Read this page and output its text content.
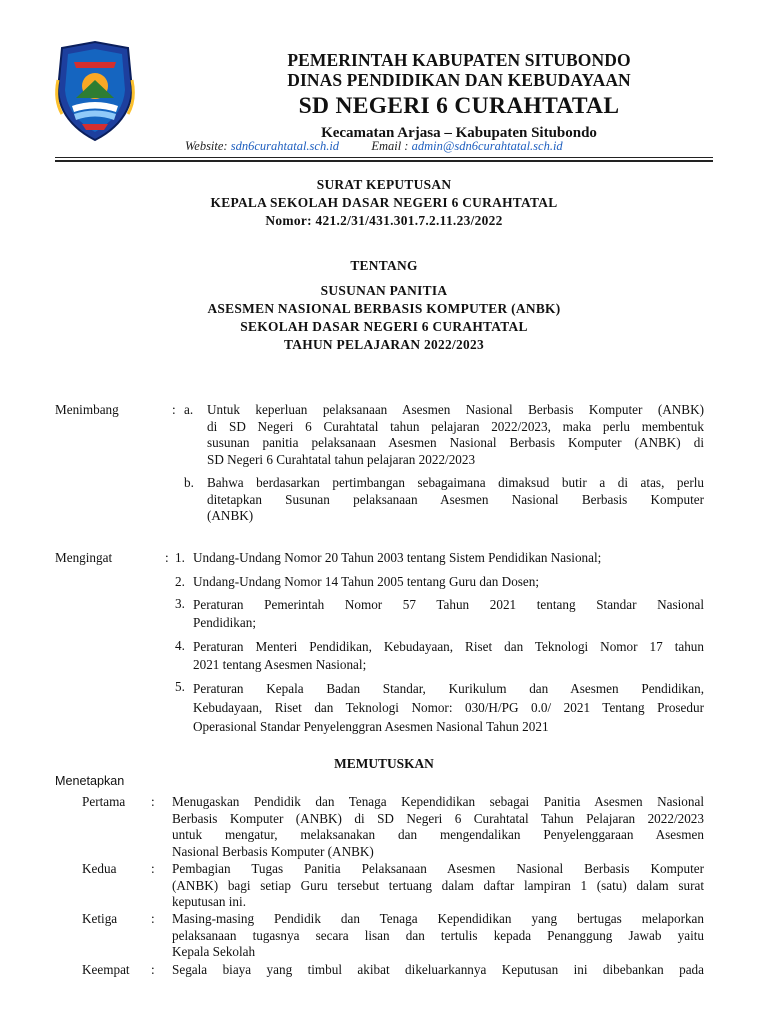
PEMERINTAH KABUPATEN SITUBONDO
DINAS PENDIDIKAN DAN KEBUDAYAAN
SD NEGERI 6 CURAHTATAL
Kecamatan Arjasa – Kabupaten Situbondo
Website: sdn6curahtatal.sch.id	Email : admin@sdn6curahtatal.sch.id
SURAT KEPUTUSAN
KEPALA SEKOLAH DASAR NEGERI 6 CURAHTATAL
Nomor: 421.2/31/431.301.7.2.11.23/2022
TENTANG
SUSUNAN PANITIA
ASESMEN NASIONAL BERBASIS KOMPUTER (ANBK)
SEKOLAH DASAR NEGERI 6 CURAHTATAL
TAHUN PELAJARAN 2022/2023
Menimbang	: a. Untuk keperluan pelaksanaan Asesmen Nasional Berbasis Komputer (ANBK)
di SD Negeri 6 Curahtatal tahun pelajaran 2022/2023, maka perlu membentuk
susunan panitia pelaksanaan Asesmen Nasional Berbasis Komputer (ANBK) di
SD Negeri 6 Curahtatal tahun pelajaran 2022/2023
b. Bahwa berdasarkan pertimbangan sebagaimana dimaksud butir a di atas, perlu
ditetapkan Susunan pelaksanaan Asesmen Nasional Berbasis Komputer
(ANBK)
Mengingat	: 1. Undang-Undang Nomor 20 Tahun 2003 tentang Sistem Pendidikan Nasional;
2. Undang-Undang Nomor 14 Tahun 2005 tentang Guru dan Dosen;
3. Peraturan Pemerintah Nomor 57 Tahun 2021 tentang Standar Nasional
Pendidikan;
4. Peraturan Menteri Pendidikan, Kebudayaan, Riset dan Teknologi Nomor 17 tahun
2021 tentang Asesmen Nasional;
5. Peraturan Kepala Badan Standar, Kurikulum dan Asesmen Pendidikan,
Kebudayaan, Riset dan Teknologi Nomor: 030/H/PG 0.0/ 2021 Tentang Prosedur
Operasional Standar Penyelenggran Asesmen Nasional Tahun 2021
MEMUTUSKAN
Menetapkan
Pertama : Menugaskan Pendidik dan Tenaga Kependidikan sebagai Panitia Asesmen Nasional
Berbasis Komputer (ANBK) di SD Negeri 6 Curahtatal Tahun Pelajaran 2022/2023
untuk mengatur, melaksanakan dan mengendalikan Penyelenggaraan Asesmen
Nasional Berbasis Komputer (ANBK)
Kedua	: Pembagian Tugas Panitia Pelaksanaan Asesmen Nasional Berbasis Komputer
(ANBK) bagi setiap Guru tersebut tertuang dalam daftar lampiran 1 (satu) dalam surat
keputusan ini.
Ketiga	: Masing-masing Pendidik dan Tenaga Kependidikan yang bertugas melaporkan
pelaksanaan tugasnya secara lisan dan tertulis kepada Penanggung Jawab yaitu
Kepala Sekolah
Keempat : Segala biaya yang timbul akibat dikeluarkannya Keputusan ini dibebankan pada
